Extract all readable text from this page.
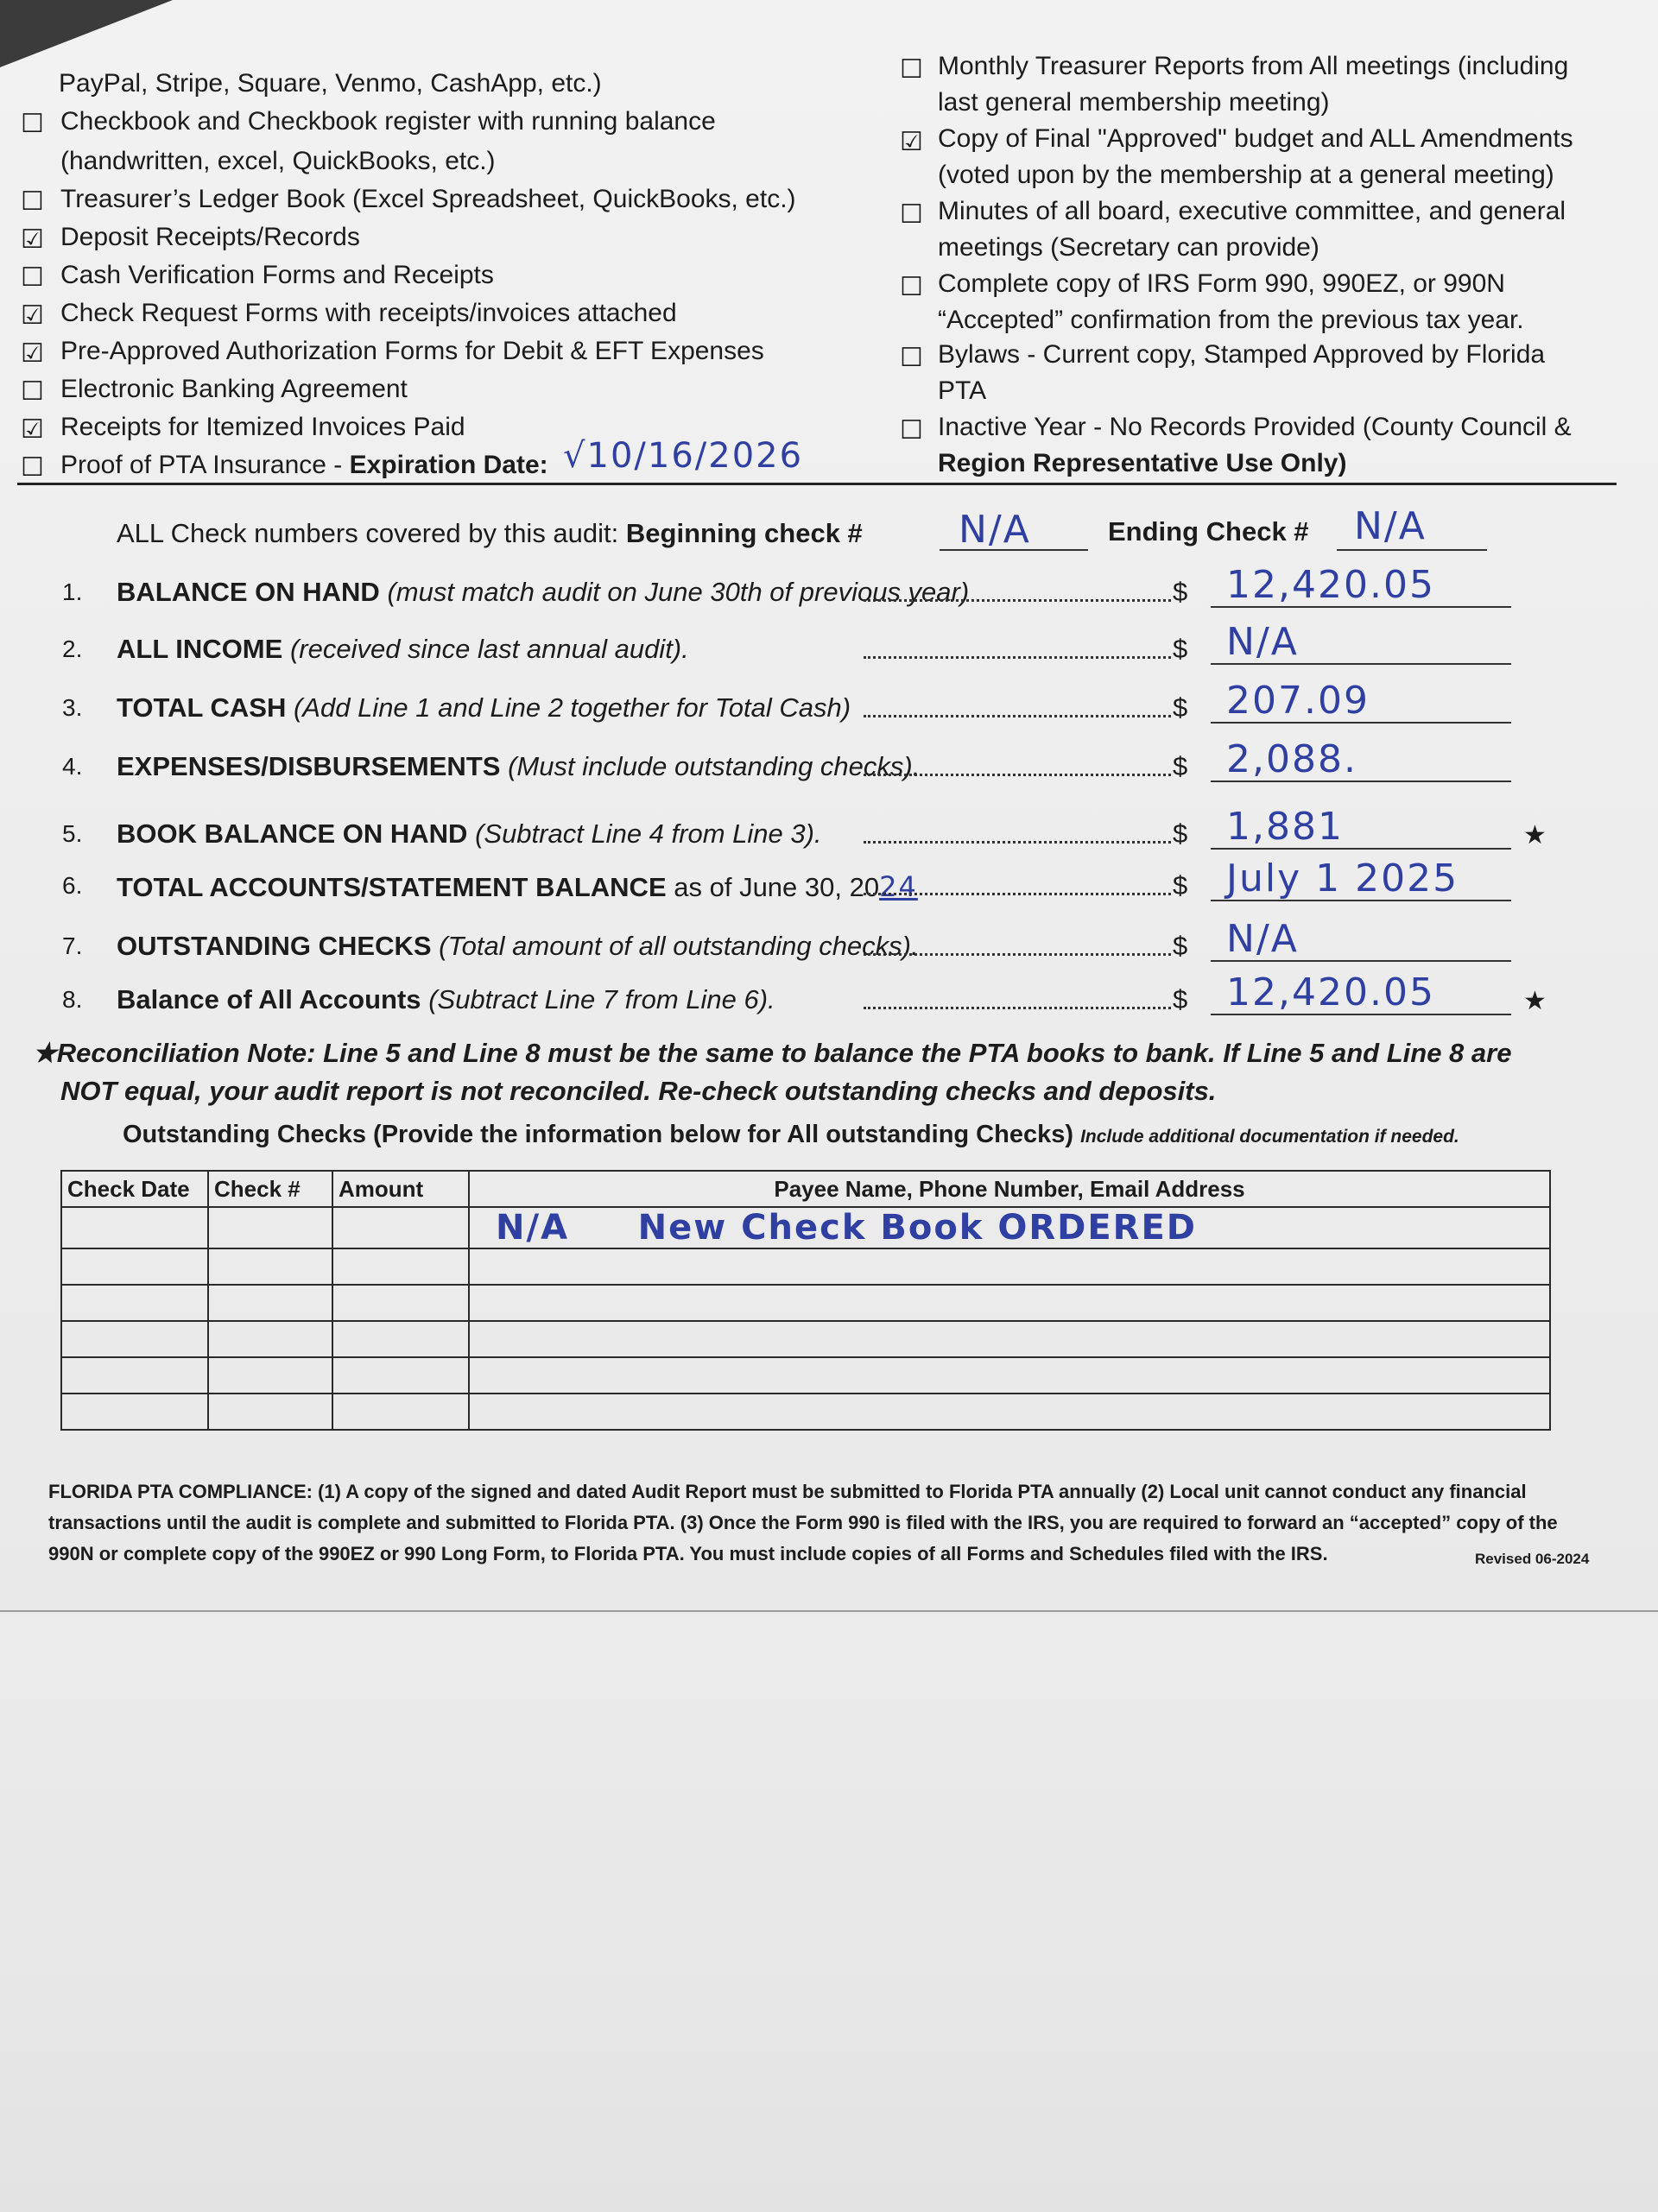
PayPal, Stripe, Square, Venmo, CashApp, etc.)
☐ Checkbook and Checkbook register with running balance
(handwritten, excel, QuickBooks, etc.)
☐ Treasurer’s Ledger Book (Excel Spreadsheet, QuickBooks, etc.)
☑ Deposit Receipts/Records
☐ Cash Verification Forms and Receipts
☑ Check Request Forms with receipts/invoices attached
☑ Pre-Approved Authorization Forms for Debit & EFT Expenses
☐ Electronic Banking Agreement
☑ Receipts for Itemized Invoices Paid
☐ Proof of PTA Insurance - Expiration Date: √10/16/2026
☐ Monthly Treasurer Reports from All meetings (including
last general membership meeting)
☑ Copy of Final "Approved" budget and ALL Amendments
(voted upon by the membership at a general meeting)
☐ Minutes of all board, executive committee, and general
meetings (Secretary can provide)
☐ Complete copy of IRS Form 990, 990EZ, or 990N
“Accepted” confirmation from the previous tax year.
☐ Bylaws - Current copy, Stamped Approved by Florida
PTA
☐ Inactive Year - No Records Provided (County Council &
Region Representative Use Only)
ALL Check numbers covered by this audit: Beginning check #	N/A	Ending Check # N/A
1. BALANCE ON HAND (must match audit on June 30th of previous year)	$ 12,420.05
2. ALL INCOME (received since last annual audit).	$ N/A
3. TOTAL CASH (Add Line 1 and Line 2 together for Total Cash)	$ 207.09
4. EXPENSES/DISBURSEMENTS (Must include outstanding checks).	$ 2,088.
5. BOOK BALANCE ON HAND (Subtract Line 4 from Line 3).	$ 1,881	★
6. TOTAL ACCOUNTS/STATEMENT BALANCE as of June 30, 2024	$ July 1 2025
7. OUTSTANDING CHECKS (Total amount of all outstanding checks).	$ N/A
8. Balance of All Accounts (Subtract Line 7 from Line 6).	$ 12,420.05	★
★Reconciliation Note: Line 5 and Line 8 must be the same to balance the PTA books to bank. If Line 5 and Line 8 are
NOT equal, your audit report is not reconciled. Re-check outstanding checks and deposits.
Outstanding Checks (Provide the information below for All outstanding Checks) Include additional documentation if needed.
Check Date	Check #	Amount	Payee Name, Phone Number, Email Address
			N/A     New Check Book ORDERED

FLORIDA PTA COMPLIANCE: (1) A copy of the signed and dated Audit Report must be submitted to Florida PTA annually (2) Local unit cannot conduct any financial transactions until the audit is complete and submitted to Florida PTA. (3) Once the Form 990 is filed with the IRS, you are required to forward an “accepted” copy of the 990N or complete copy of the 990EZ or 990 Long Form, to Florida PTA. You must include copies of all Forms and Schedules filed with the IRS.	Revised 06-2024
